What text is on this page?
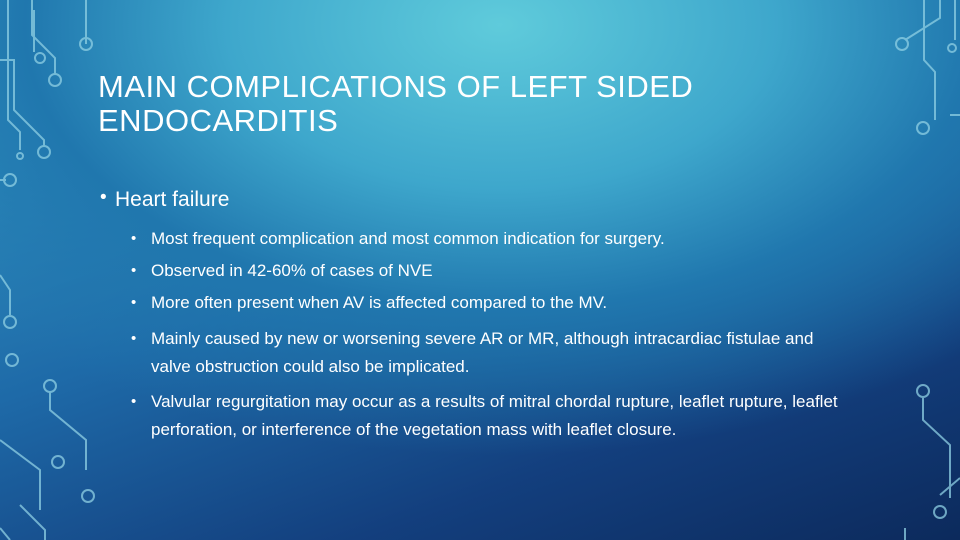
MAIN COMPLICATIONS OF LEFT SIDED ENDOCARDITIS
• Heart failure
• Most frequent complication and most common indication for surgery.
• Observed in 42-60% of cases of NVE
• More often present when AV is affected compared to the MV.
• Mainly caused by new or worsening severe AR or MR, although intracardiac fistulae and valve obstruction could also be implicated.
• Valvular regurgitation may occur as a results of mitral chordal rupture, leaflet rupture, leaflet perforation, or interference of the vegetation mass with leaflet closure.
